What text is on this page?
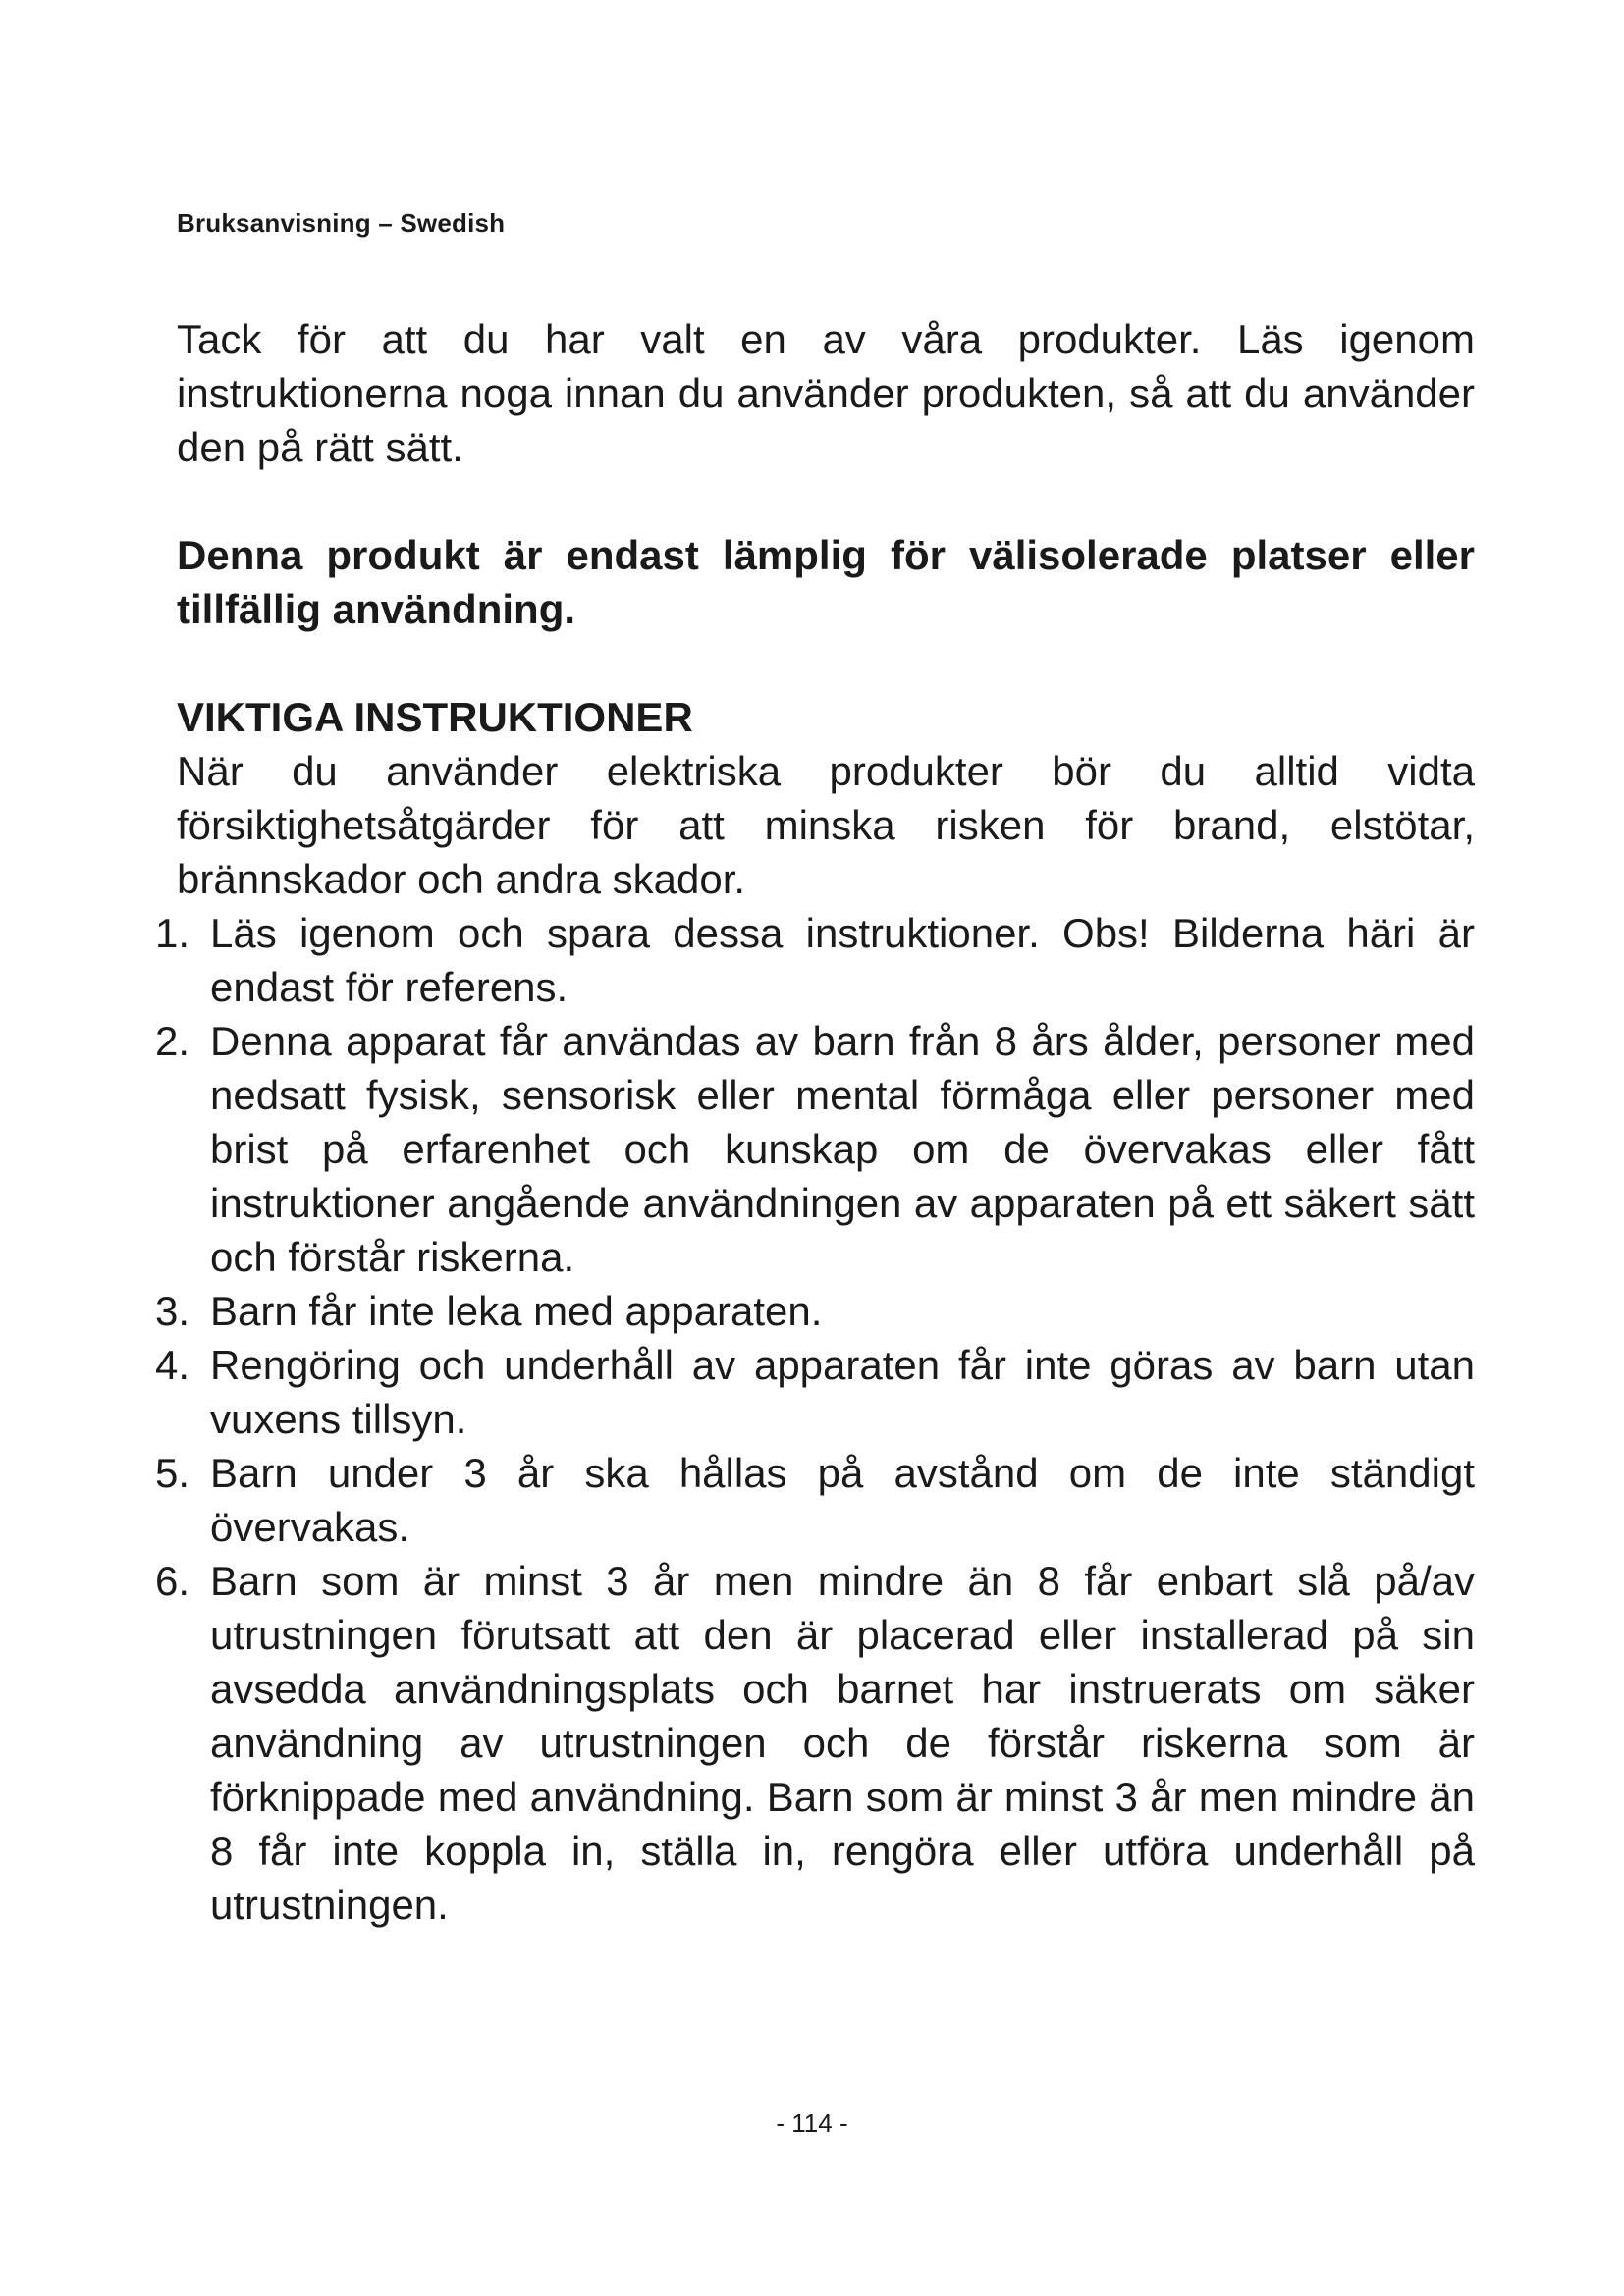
Bruksanvisning – Swedish

Tack för att du har valt en av våra produkter. Läs igenom instruktionerna noga innan du använder produkten, så att du använder den på rätt sätt.

Denna produkt är endast lämplig för välisolerade platser eller tillfällig användning.

VIKTIGA INSTRUKTIONER

När du använder elektriska produkter bör du alltid vidta försiktighetsåtgärder för att minska risken för brand, elstötar, brännskador och andra skador.

1. Läs igenom och spara dessa instruktioner. Obs! Bilderna häri är endast för referens.
2. Denna apparat får användas av barn från 8 års ålder, personer med nedsatt fysisk, sensorisk eller mental förmåga eller personer med brist på erfarenhet och kunskap om de övervakas eller fått instruktioner angående användningen av apparaten på ett säkert sätt och förstår riskerna.
3. Barn får inte leka med apparaten.
4. Rengöring och underhåll av apparaten får inte göras av barn utan vuxens tillsyn.
5. Barn under 3 år ska hållas på avstånd om de inte ständigt övervakas.
6. Barn som är minst 3 år men mindre än 8 får enbart slå på/av utrustningen förutsatt att den är placerad eller installerad på sin avsedda användningsplats och barnet har instruerats om säker användning av utrustningen och de förstår riskerna som är förknippade med användning. Barn som är minst 3 år men mindre än 8 får inte koppla in, ställa in, rengöra eller utföra underhåll på utrustningen.
- 114 -
